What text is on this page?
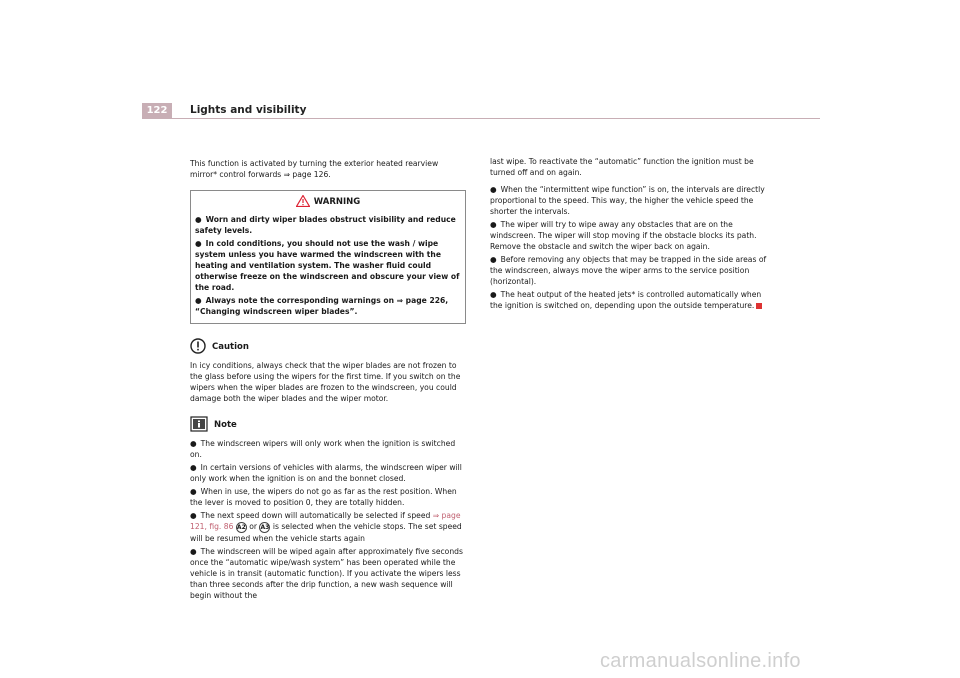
122	Lights and visibility

This function is activated by turning the exterior heated rearview mirror* control forwards ⇒ page 126.

WARNING
● Worn and dirty wiper blades obstruct visibility and reduce safety levels.
● In cold conditions, you should not use the wash / wipe system unless you have warmed the windscreen with the heating and ventilation system. The washer fluid could otherwise freeze on the windscreen and obscure your view of the road.
● Always note the corresponding warnings on ⇒ page 226, “Changing windscreen wiper blades”.
Caution

In icy conditions, always check that the wiper blades are not frozen to the glass before using the wipers for the first time. If you switch on the wipers when the wiper blades are frozen to the windscreen, you could damage both the wiper blades and the wiper motor.

Note
● The windscreen wipers will only work when the ignition is switched on.
● In certain versions of vehicles with alarms, the windscreen wiper will only work when the ignition is on and the bonnet closed.
● When in use, the wipers do not go as far as the rest position. When the lever is moved to position 0, they are totally hidden.
● The next speed down will automatically be selected if speed ⇒ page 121, fig. 86 A2 or A3 is selected when the vehicle stops. The set speed will be resumed when the vehicle starts again
● The windscreen will be wiped again after approximately five seconds once the “automatic wipe/wash system” has been operated while the vehicle is in transit (automatic function). If you activate the wipers less than three seconds after the drip function, a new wash sequence will begin without the

last wipe. To reactivate the “automatic” function the ignition must be turned off and on again.

● When the “intermittent wipe function” is on, the intervals are directly proportional to the speed. This way, the higher the vehicle speed the shorter the intervals.
● The wiper will try to wipe away any obstacles that are on the windscreen. The wiper will stop moving if the obstacle blocks its path. Remove the obstacle and switch the wiper back on again.
● Before removing any objects that may be trapped in the side areas of the windscreen, always move the wiper arms to the service position (horizontal).
● The heat output of the heated jets* is controlled automatically when the ignition is switched on, depending upon the outside temperature.
carmanualsonline.info
